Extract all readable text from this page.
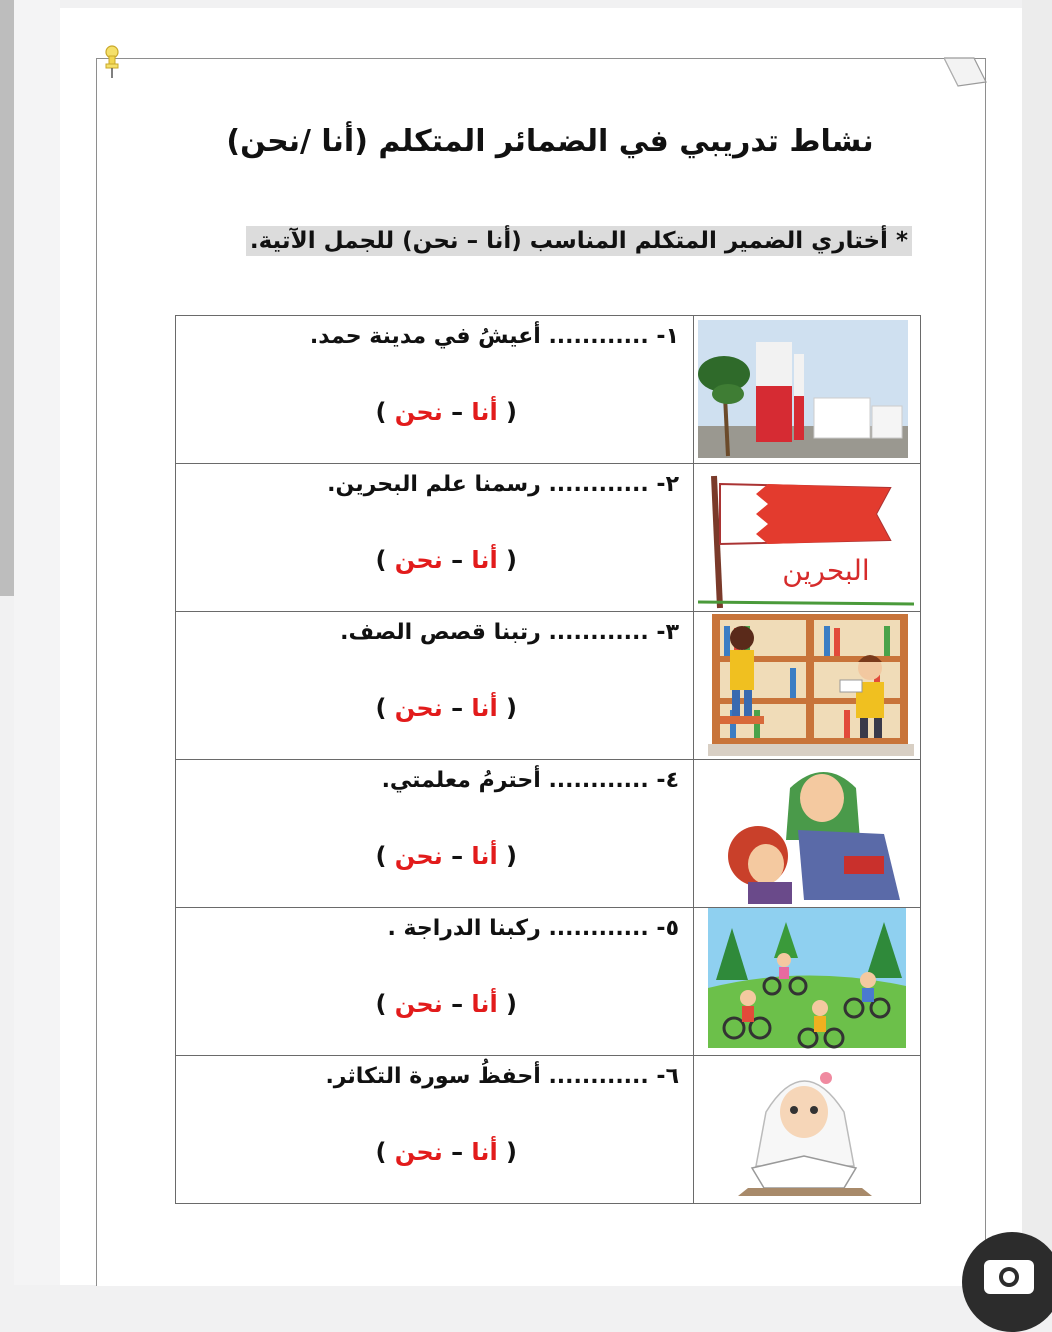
نشاط تدريبي في الضمائر المتكلم (أنا /نحن)
* أختاري الضمير المتكلم المناسب (أنا – نحن) للجمل الآتية.

١- ............ أعيشُ في مدينة حمد.
( أنا – نحن )

البحرين	٢- ............ رسمنا علم البحرين.
( أنا – نحن )

٣- ............ رتبنا قصص الصف.
( أنا – نحن )

٤- ............ أحترمُ معلمتي.
( أنا – نحن )

٥- ............ ركبنا الدراجة .
( أنا – نحن )

٦- ............ أحفظُ سورة التكاثر.
( أنا – نحن )
